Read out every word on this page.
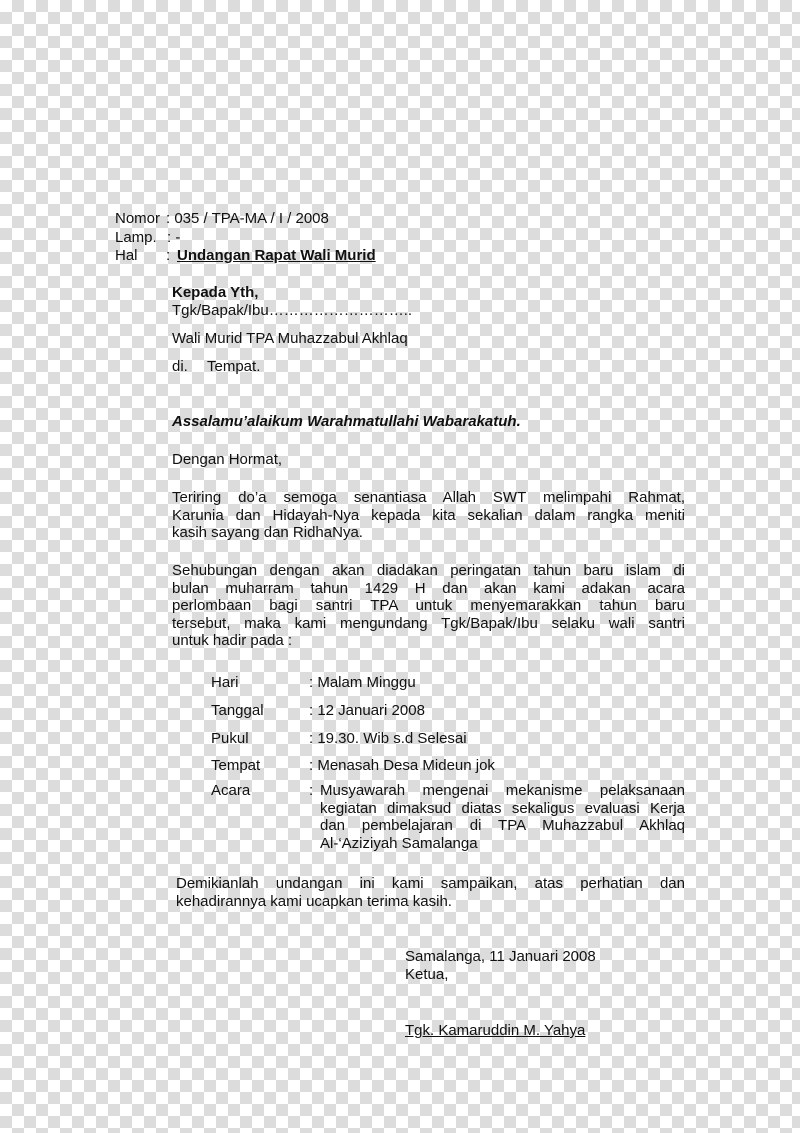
Nomor : 035 / TPA-MA / I / 2008
Lamp. : -
Hal : Undangan Rapat Wali Murid
Kepada Yth,
Tgk/Bapak/Ibu………………………..
Wali Murid TPA Muhazzabul Akhlaq
di. Tempat.
Assalamu’alaikum Warahmatullahi Wabarakatuh.
Dengan Hormat,
Teriring do’a semoga senantiasa Allah SWT melimpahi Rahmat,
Karunia dan Hidayah-Nya kepada kita sekalian dalam rangka meniti
kasih sayang dan RidhaNya.
Sehubungan dengan akan diadakan peringatan tahun baru islam di
bulan muharram tahun 1429 H dan akan kami adakan acara
perlombaan bagi santri TPA untuk menyemarakkan tahun baru
tersebut, maka kami mengundang Tgk/Bapak/Ibu selaku wali santri
untuk hadir pada :
Hari	: Malam Minggu
Tanggal	: 12 Januari 2008
Pukul	: 19.30. Wib s.d Selesai
Tempat	: Menasah Desa Mideun jok
Acara	: Musyawarah mengenai mekanisme pelaksanaan
kegiatan dimaksud diatas sekaligus evaluasi Kerja
dan pembelajaran di TPA Muhazzabul Akhlaq
Al-‘Aziziyah Samalanga
Demikianlah undangan ini kami sampaikan, atas perhatian dan
kehadirannya kami ucapkan terima kasih.
Samalanga, 11 Januari 2008
Ketua,
Tgk. Kamaruddin M. Yahya
